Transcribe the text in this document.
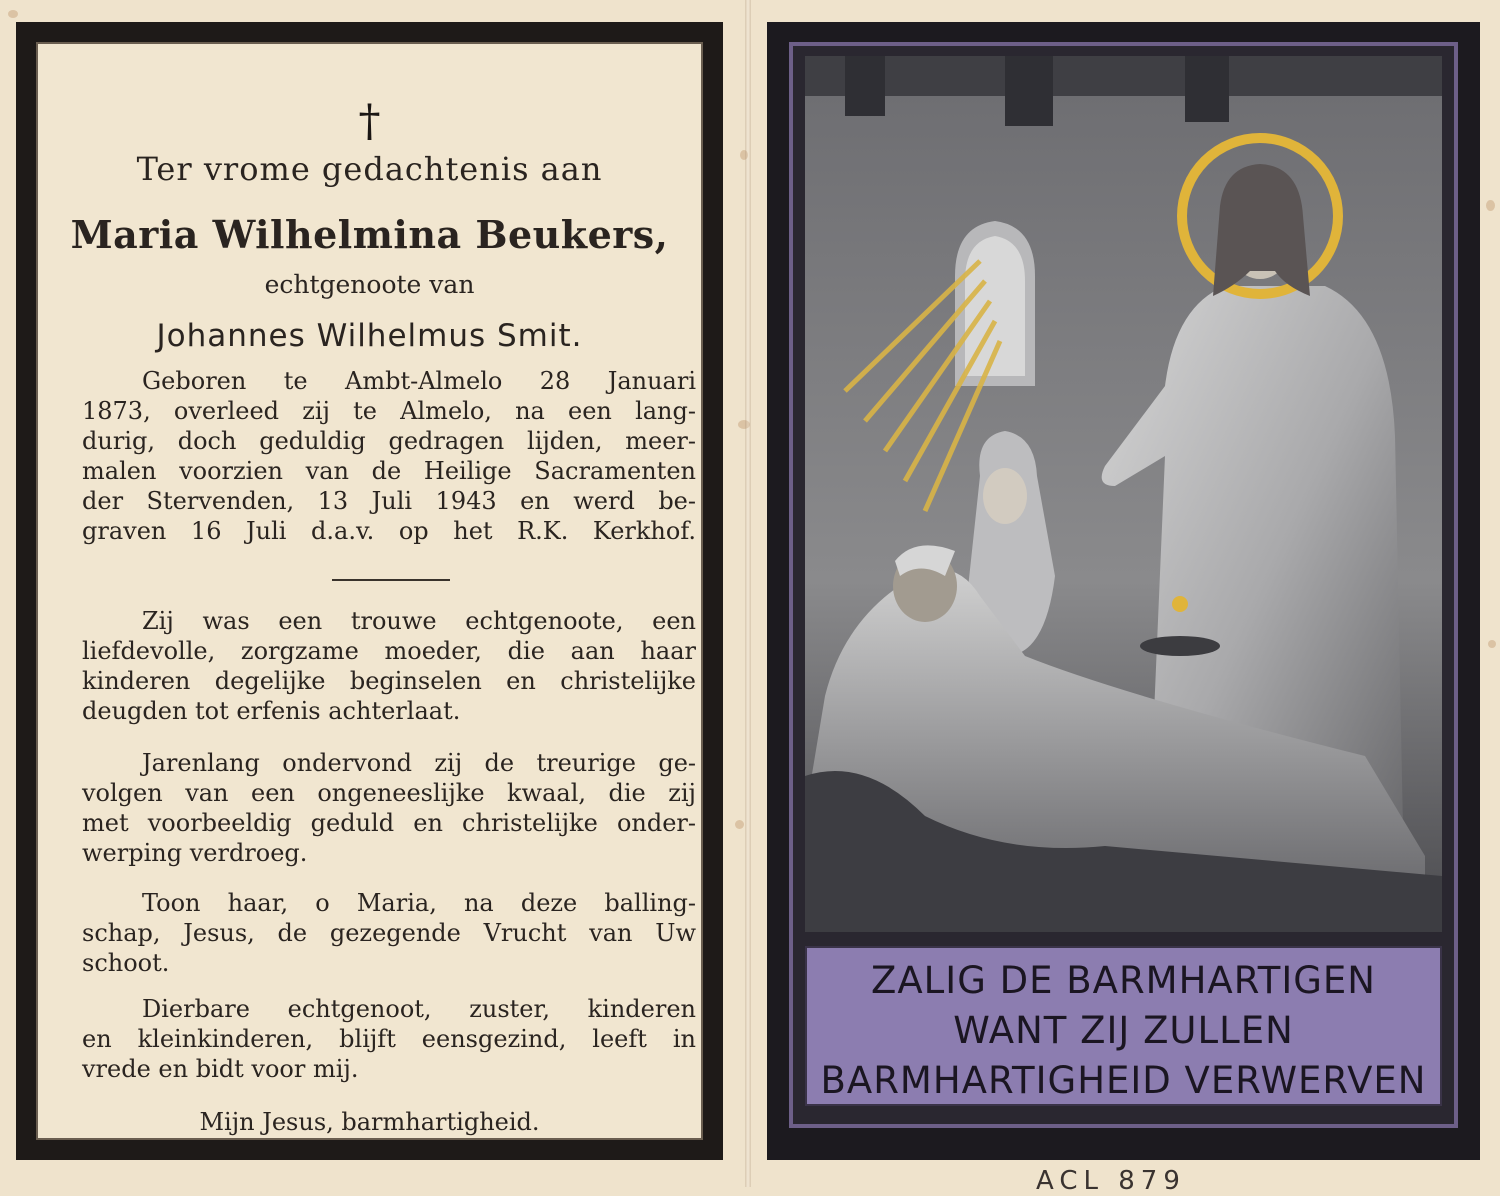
†
Ter vrome gedachtenis aan
Maria Wilhelmina Beukers,
echtgenoote van
Johannes Wilhelmus Smit.
Geboren te Ambt-Almelo 28 Januari
1873, overleed zij te Almelo, na een lang-
durig, doch geduldig gedragen lijden, meer-
malen voorzien van de Heilige Sacramenten
der Stervenden, 13 Juli 1943 en werd be-
graven 16 Juli d.a.v. op het R.K. Kerkhof.
Zij was een trouwe echtgenoote, een
liefdevolle, zorgzame moeder, die aan haar
kinderen degelijke beginselen en christelijke
deugden tot erfenis achterlaat.
Jarenlang ondervond zij de treurige ge-
volgen van een ongeneeslijke kwaal, die zij
met voorbeeldig geduld en christelijke onder-
werping verdroeg.
Toon haar, o Maria, na deze balling-
schap, Jesus, de gezegende Vrucht van Uw
schoot.
Dierbare echtgenoot, zuster, kinderen
en kleinkinderen, blijft eensgezind, leeft in
vrede en bidt voor mij.
Mijn Jesus, barmhartigheid.
ZALIG DE BARMHARTIGEN
WANT ZIJ ZULLEN
BARMHARTIGHEID VERWERVEN
ACL 879
